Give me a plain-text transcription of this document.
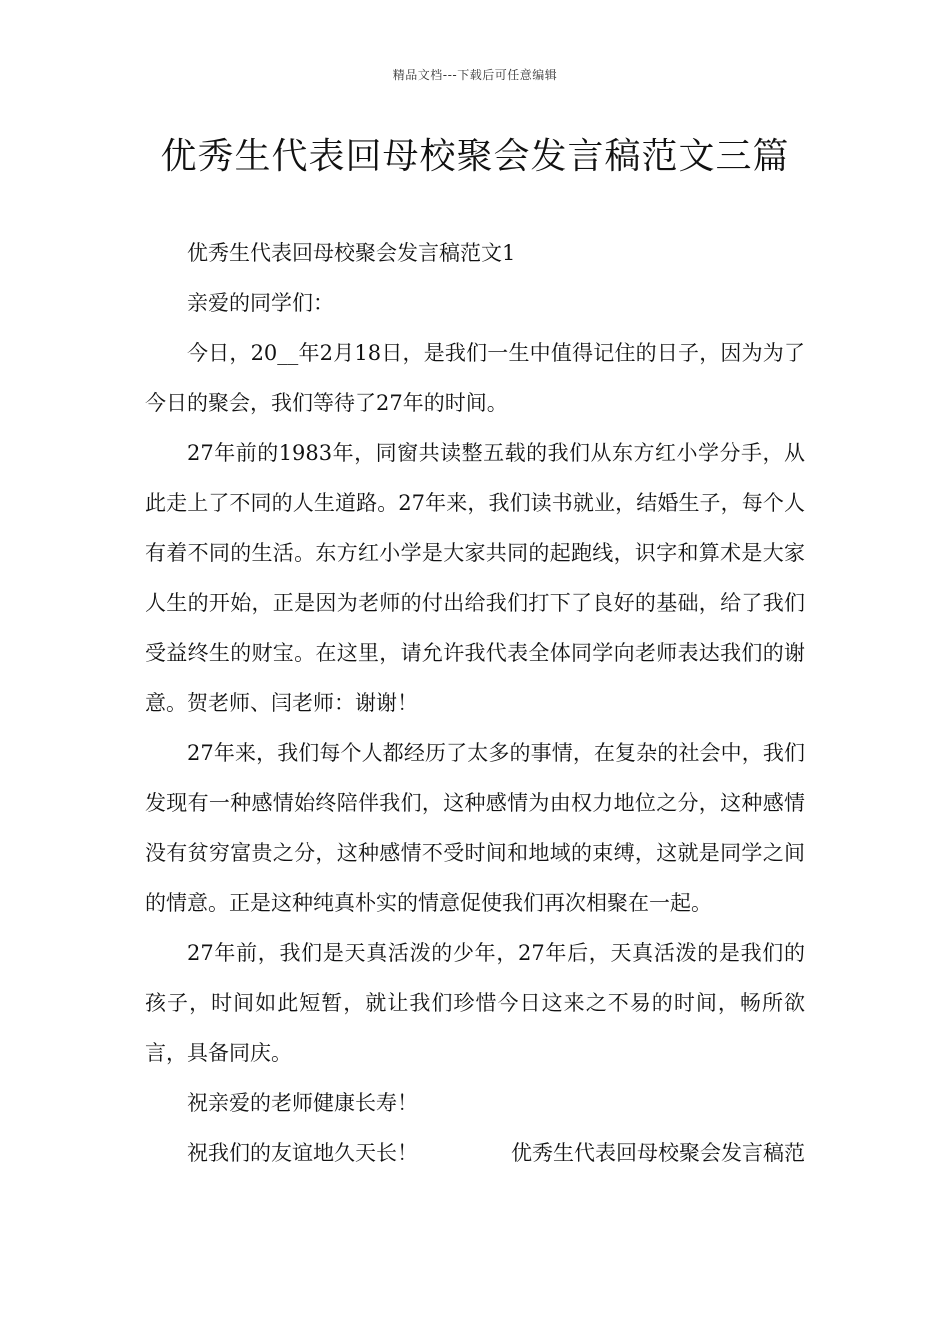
精品文档---下载后可任意编辑
优秀生代表回母校聚会发言稿范文三篇

优秀生代表回母校聚会发言稿范文1

亲爱的同学们：

今日，20__年2月18日，是我们一生中值得记住的日子，因为为了今日的聚会，我们等待了27年的时间。

27年前的1983年，同窗共读整五载的我们从东方红小学分手，从此走上了不同的人生道路。27年来，我们读书就业，结婚生子，每个人有着不同的生活。东方红小学是大家共同的起跑线，识字和算术是大家人生的开始，正是因为老师的付出给我们打下了良好的基础，给了我们受益终生的财宝。在这里，请允许我代表全体同学向老师表达我们的谢意。贺老师、闫老师：谢谢！

27年来，我们每个人都经历了太多的事情，在复杂的社会中，我们发现有一种感情始终陪伴我们，这种感情为由权力地位之分，这种感情没有贫穷富贵之分，这种感情不受时间和地域的束缚，这就是同学之间的情意。正是这种纯真朴实的情意促使我们再次相聚在一起。

27年前，我们是天真活泼的少年，27年后，天真活泼的是我们的孩子，时间如此短暂，就让我们珍惜今日这来之不易的时间，畅所欲言，具备同庆。

祝亲爱的老师健康长寿！

祝我们的友谊地久天长！	优秀生代表回母校聚会发言稿范
